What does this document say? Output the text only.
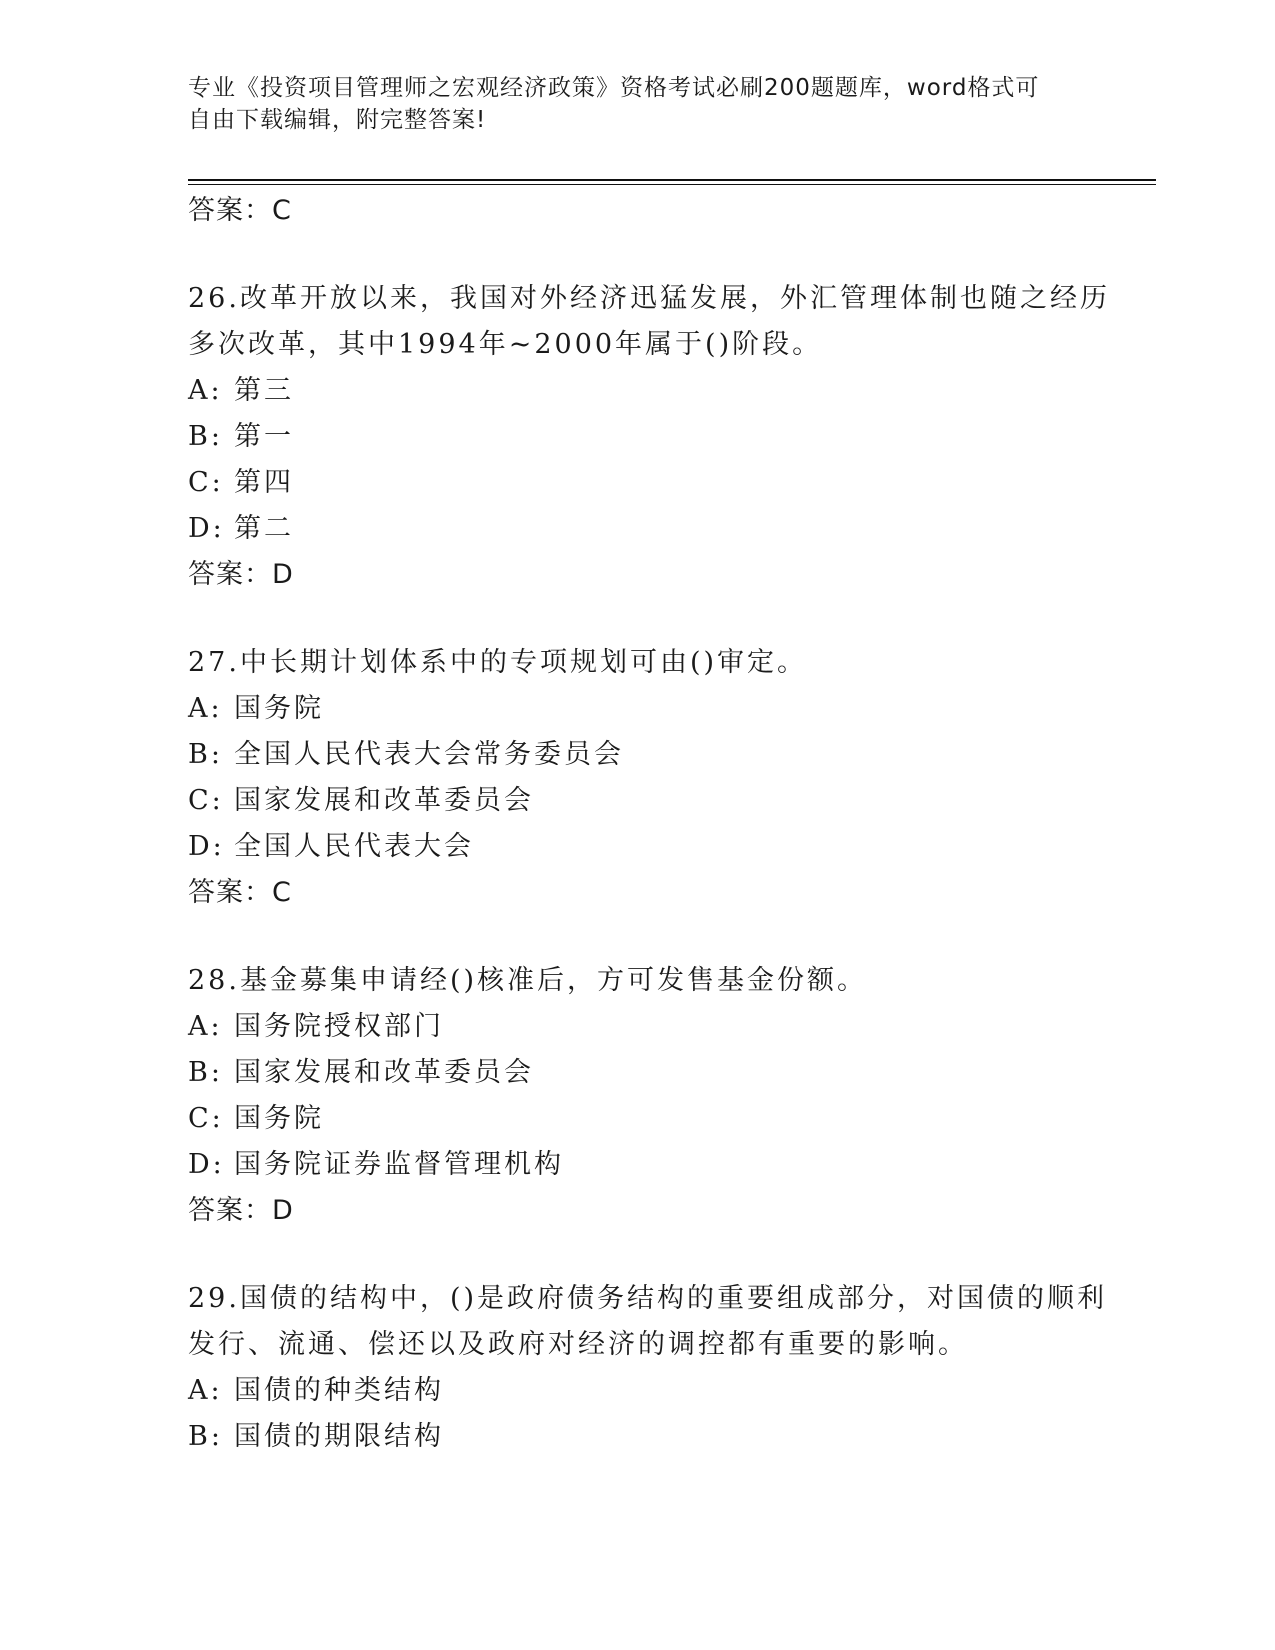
专业《投资项目管理师之宏观经济政策》资格考试必刷200题题库，word格式可
自由下载编辑，附完整答案!
答案：C
26.改革开放以来，我国对外经济迅猛发展，外汇管理体制也随之经历
多次改革，其中1994年~2000年属于()阶段。
A: 第三
B: 第一
C: 第四
D: 第二
答案：D
27.中长期计划体系中的专项规划可由()审定。
A: 国务院
B: 全国人民代表大会常务委员会
C: 国家发展和改革委员会
D: 全国人民代表大会
答案：C
28.基金募集申请经()核准后，方可发售基金份额。
A: 国务院授权部门
B: 国家发展和改革委员会
C: 国务院
D: 国务院证券监督管理机构
答案：D
29.国债的结构中，()是政府债务结构的重要组成部分，对国债的顺利
发行、流通、偿还以及政府对经济的调控都有重要的影响。
A: 国债的种类结构
B: 国债的期限结构
